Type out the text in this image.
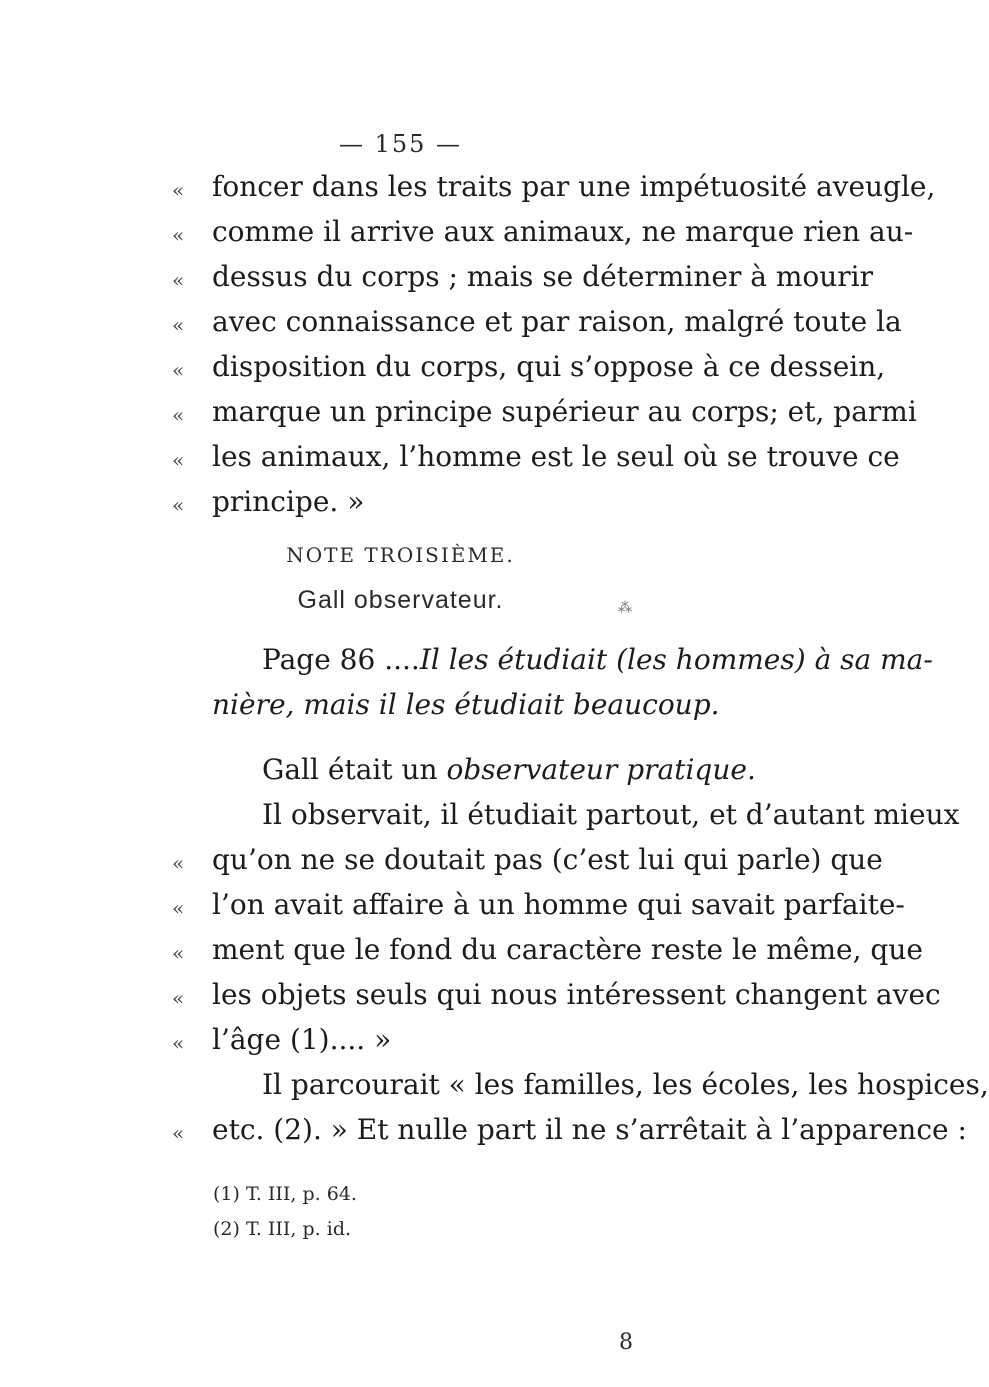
— 155 —
« foncer dans les traits par une impétuosité aveugle,
« comme il arrive aux animaux, ne marque rien au-
« dessus du corps ; mais se déterminer à mourir
« avec connaissance et par raison, malgré toute la
« disposition du corps, qui s’oppose à ce dessein,
« marque un principe supérieur au corps; et, parmi
« les animaux, l’homme est le seul où se trouve ce
« principe. »
NOTE TROISIÈME.
Gall observateur.	⁂
Page 86 ....Il les étudiait (les hommes) à sa ma-
nière, mais il les étudiait beaucoup.
Gall était un observateur pratique.
Il observait, il étudiait partout, et d’autant mieux
« qu’on ne se doutait pas (c’est lui qui parle) que
« l’on avait affaire à un homme qui savait parfaite-
« ment que le fond du caractère reste le même, que
« les objets seuls qui nous intéressent changent avec
« l’âge (1).... »
Il parcourait « les familles, les écoles, les hospices,
« etc. (2). » Et nulle part il ne s’arrêtait à l’apparence :
(1) T. III, p. 64.
(2) T. III, p. id.
8
